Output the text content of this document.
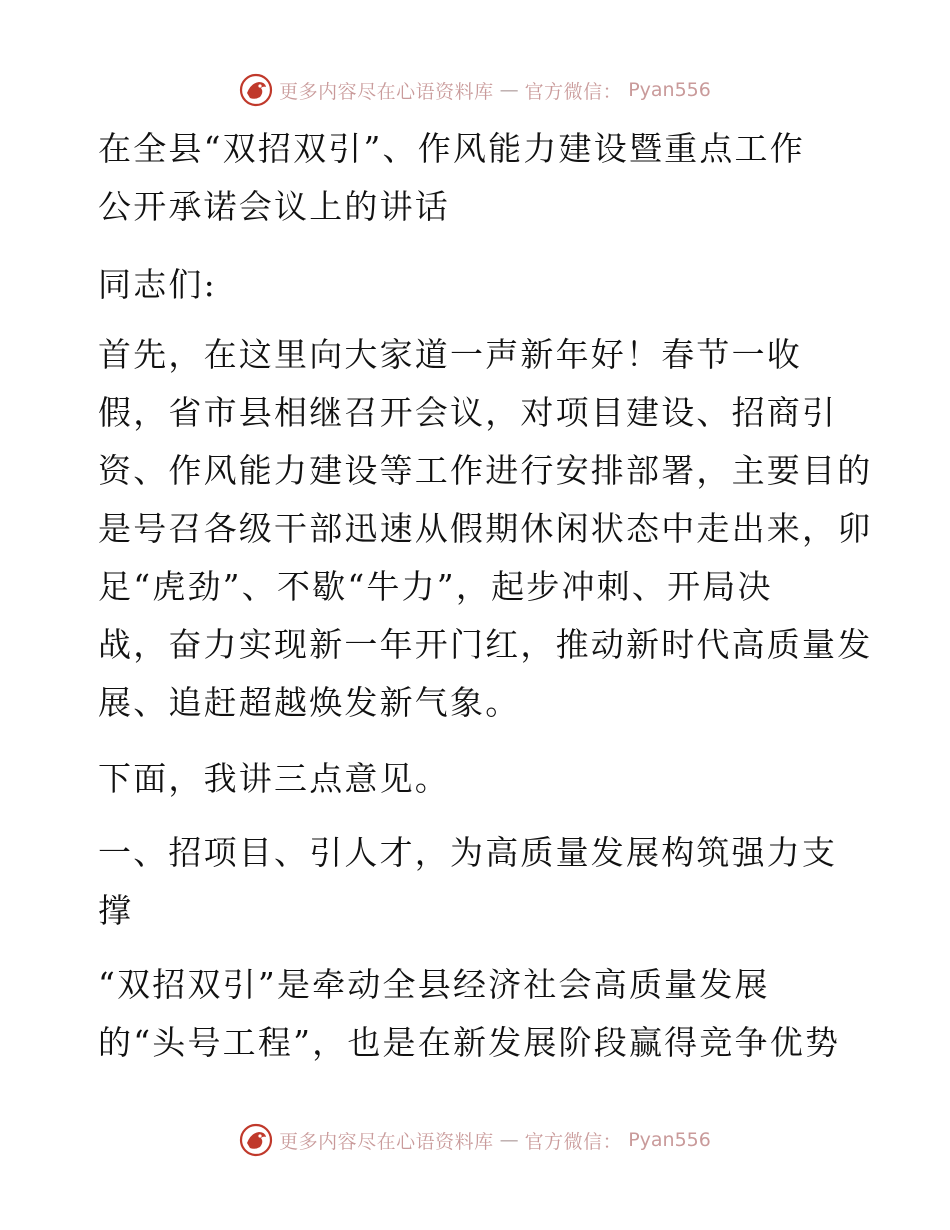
更多内容尽在心语资料库 — 官方微信： Pyan556
在全县“双招双引”、作风能力建设暨重点工作
公开承诺会议上的讲话
同志们:
首先，在这里向大家道一声新年好！春节一收
假，省市县相继召开会议，对项目建设、招商引
资、作风能力建设等工作进行安排部署，主要目的
是号召各级干部迅速从假期休闲状态中走出来，卯
足“虎劲”、不歇“牛力”，起步冲刺、开局决
战，奋力实现新一年开门红，推动新时代高质量发
展、追赶超越焕发新气象。
下面，我讲三点意见。
一、招项目、引人才，为高质量发展构筑强力支
撑
“双招双引”是牵动全县经济社会高质量发展
的“头号工程”，也是在新发展阶段赢得竞争优势
更多内容尽在心语资料库 — 官方微信： Pyan556
